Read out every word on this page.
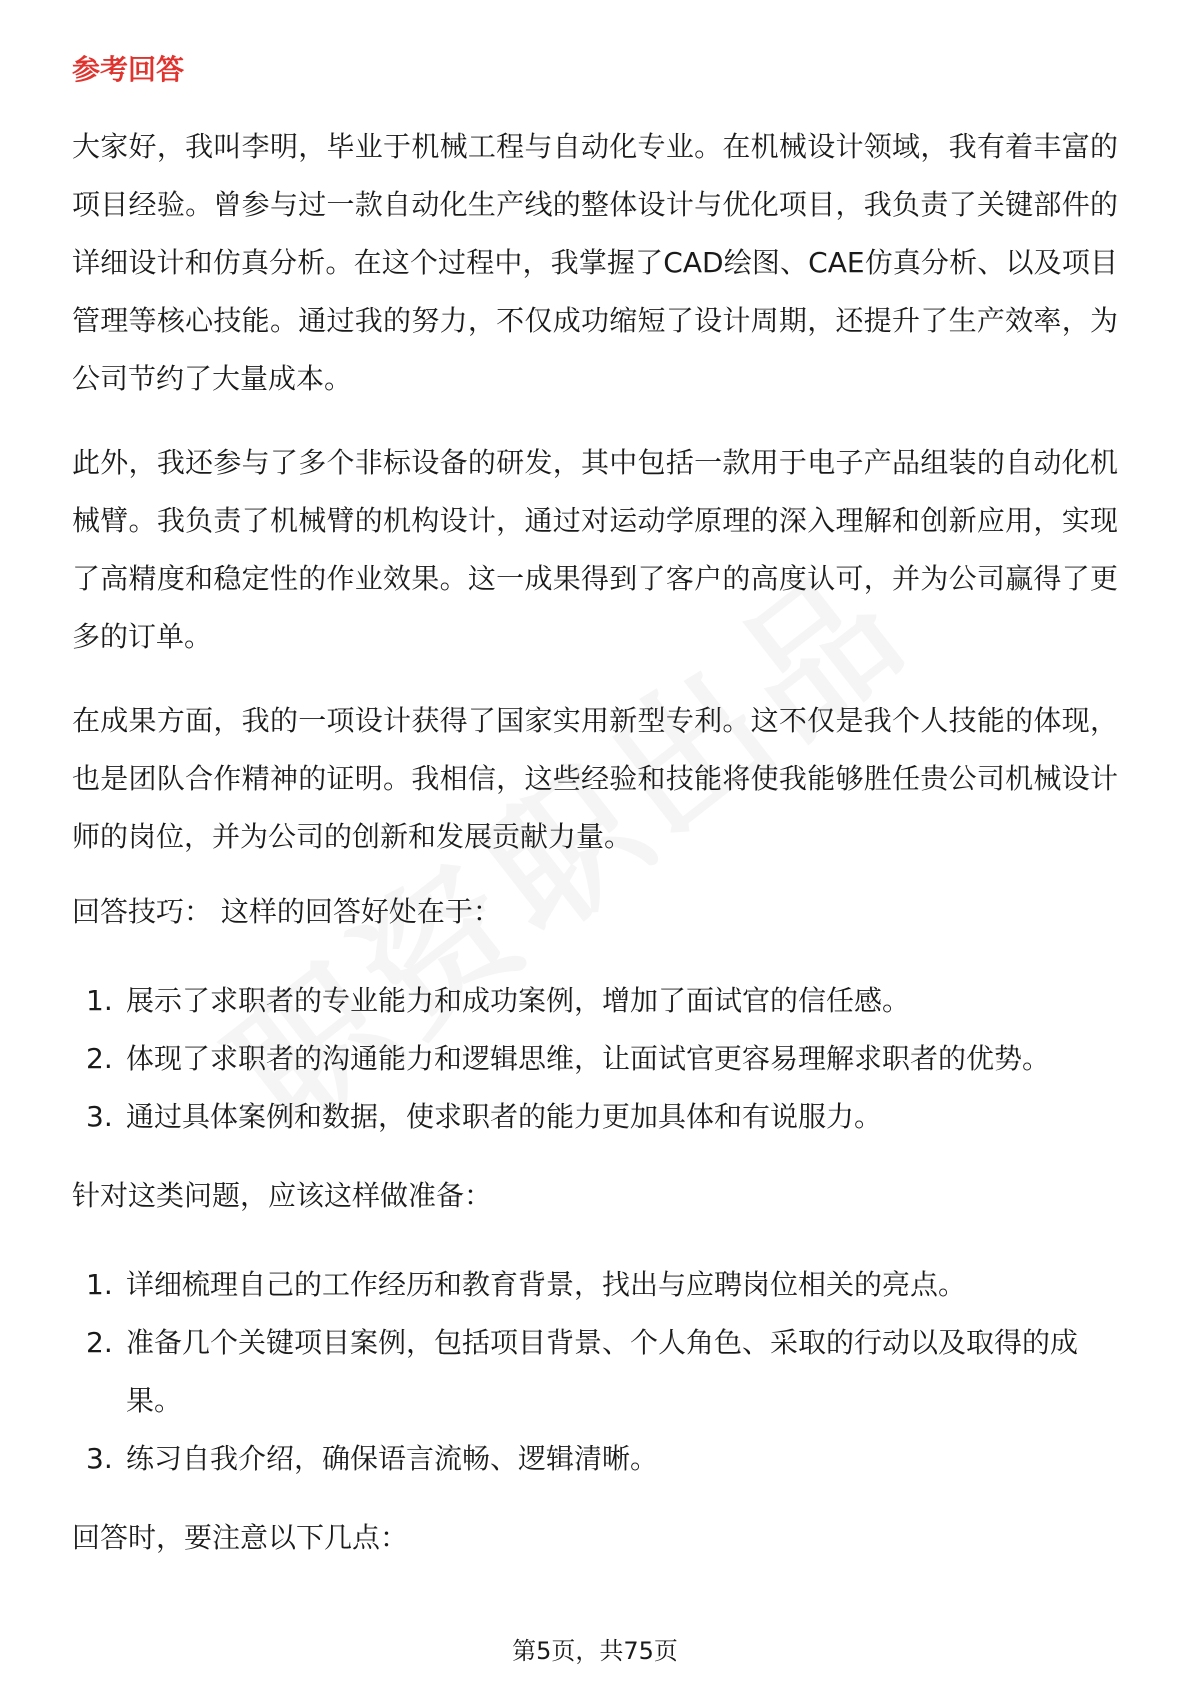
参考回答

大家好，我叫李明，毕业于机械工程与自动化专业。在机械设计领域，我有着丰富的项目经验。曾参与过一款自动化生产线的整体设计与优化项目，我负责了关键部件的详细设计和仿真分析。在这个过程中，我掌握了CAD绘图、CAE仿真分析、以及项目管理等核心技能。通过我的努力，不仅成功缩短了设计周期，还提升了生产效率，为公司节约了大量成本。

此外，我还参与了多个非标设备的研发，其中包括一款用于电子产品组装的自动化机械臂。我负责了机械臂的机构设计，通过对运动学原理的深入理解和创新应用，实现了高精度和稳定性的作业效果。这一成果得到了客户的高度认可，并为公司赢得了更多的订单。

在成果方面，我的一项设计获得了国家实用新型专利。这不仅是我个人技能的体现，也是团队合作精神的证明。我相信，这些经验和技能将使我能够胜任贵公司机械设计师的岗位，并为公司的创新和发展贡献力量。

回答技巧： 这样的回答好处在于：
1. 展示了求职者的专业能力和成功案例，增加了面试官的信任感。
2. 体现了求职者的沟通能力和逻辑思维，让面试官更容易理解求职者的优势。
3. 通过具体案例和数据，使求职者的能力更加具体和有说服力。
针对这类问题，应该这样做准备：
1. 详细梳理自己的工作经历和教育背景，找出与应聘岗位相关的亮点。
2. 准备几个关键项目案例，包括项目背景、个人角色、采取的行动以及取得的成果。
3. 练习自我介绍，确保语言流畅、逻辑清晰。
回答时，要注意以下几点：
第5页，共75页
